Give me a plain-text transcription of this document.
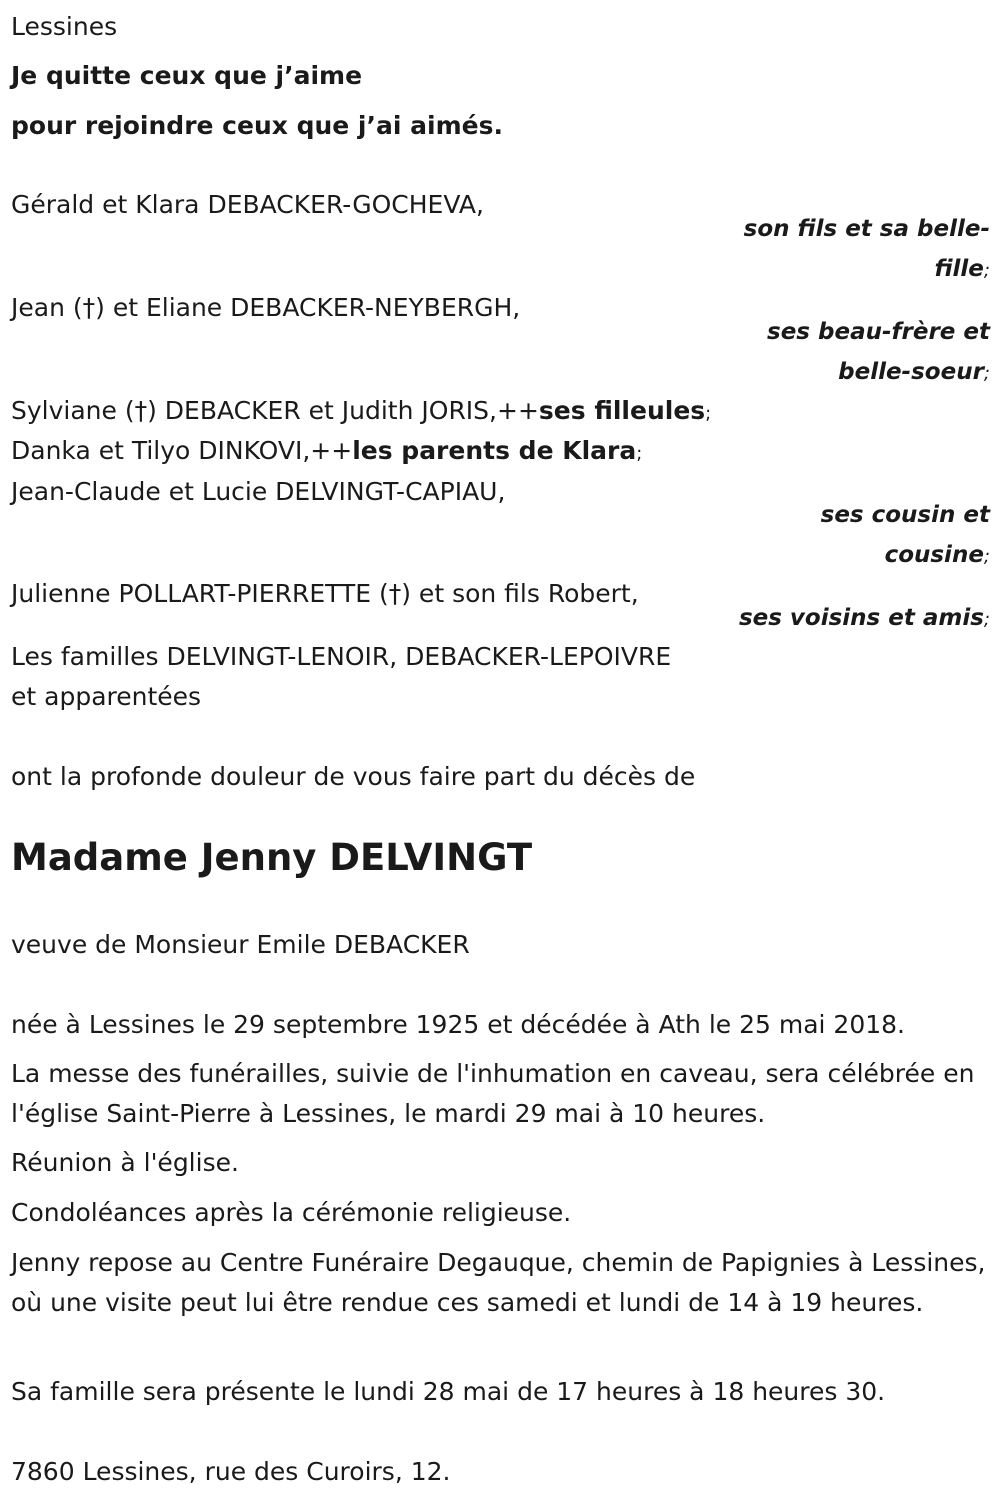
Lessines
Je quitte ceux que j’aime
pour rejoindre ceux que j’ai aimés.
Gérald et Klara DEBACKER-GOCHEVA,
son fils et sa belle-
fille;
Jean (†) et Eliane DEBACKER-NEYBERGH,
ses beau-frère et
belle-soeur;
Sylviane (†) DEBACKER et Judith JORIS,++ses filleules;
Danka et Tilyo DINKOVI,++les parents de Klara;
Jean-Claude et Lucie DELVINGT-CAPIAU,
ses cousin et
cousine;
Julienne POLLART-PIERRETTE (†) et son fils Robert,
ses voisins et amis;
Les familles DELVINGT-LENOIR, DEBACKER-LEPOIVRE
et apparentées
ont la profonde douleur de vous faire part du décès de
Madame Jenny DELVINGT
veuve de Monsieur Emile DEBACKER
née à Lessines le 29 septembre 1925 et décédée à Ath le 25 mai 2018.
La messe des funérailles, suivie de l'inhumation en caveau, sera célébrée en l'église Saint-Pierre à Lessines, le mardi 29 mai à 10 heures.
Réunion à l'église.
Condoléances après la cérémonie religieuse.
Jenny repose au Centre Funéraire Degauque, chemin de Papignies à Lessines, où une visite peut lui être rendue ces samedi et lundi de 14 à 19 heures.
Sa famille sera présente le lundi 28 mai de 17 heures à 18 heures 30.
7860 Lessines, rue des Curoirs, 12.
